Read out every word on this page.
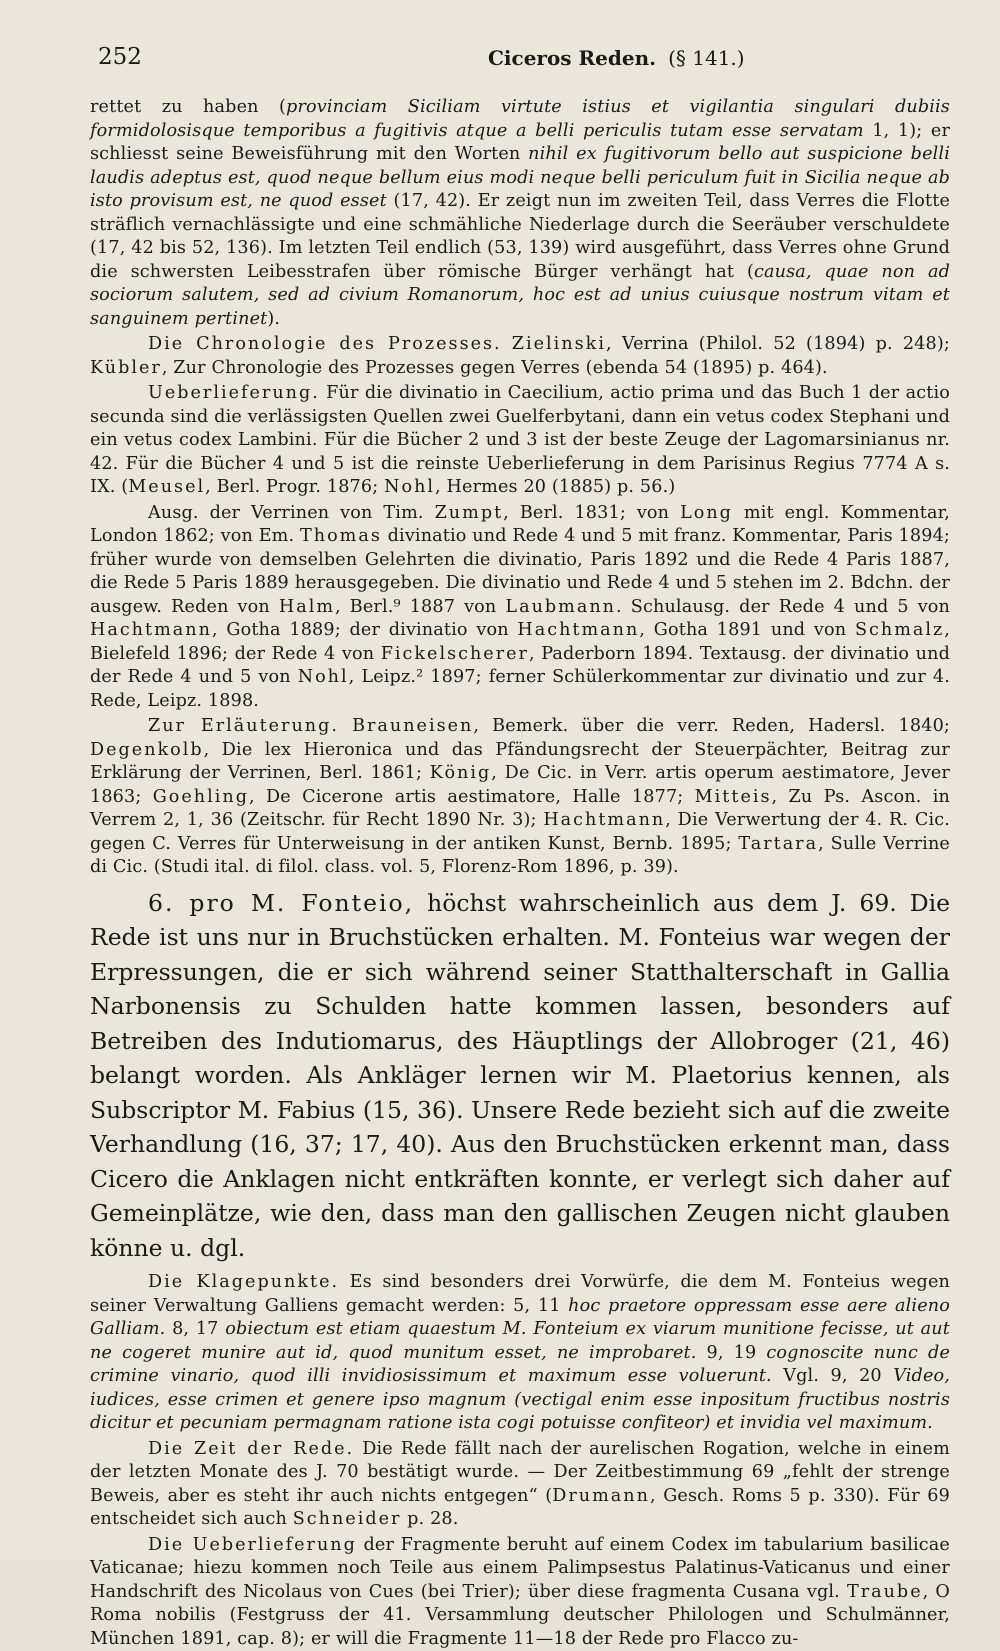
252	Ciceros Reden. (§ 141.)

rettet zu haben (provinciam Siciliam virtute istius et vigilantia singulari dubiis formidolosisque temporibus a fugitivis atque a belli periculis tutam esse servatam 1, 1); er schliesst seine Beweisführung mit den Worten nihil ex fugitivorum bello aut suspicione belli laudis adeptus est, quod neque bellum eius modi neque belli periculum fuit in Sicilia neque ab isto provisum est, ne quod esset (17, 42). Er zeigt nun im zweiten Teil, dass Verres die Flotte sträflich vernachlässigte und eine schmähliche Niederlage durch die Seeräuber verschuldete (17, 42 bis 52, 136). Im letzten Teil endlich (53, 139) wird ausgeführt, dass Verres ohne Grund die schwersten Leibesstrafen über römische Bürger verhängt hat (causa, quae non ad sociorum salutem, sed ad civium Romanorum, hoc est ad unius cuiusque nostrum vitam et sanguinem pertinet).

Die Chronologie des Prozesses. Zielinski, Verrina (Philol. 52 (1894) p. 248); Kübler, Zur Chronologie des Prozesses gegen Verres (ebenda 54 (1895) p. 464).

Ueberlieferung. Für die divinatio in Caecilium, actio prima und das Buch 1 der actio secunda sind die verlässigsten Quellen zwei Guelferbytani, dann ein vetus codex Stephani und ein vetus codex Lambini. Für die Bücher 2 und 3 ist der beste Zeuge der Lagomarsinianus nr. 42. Für die Bücher 4 und 5 ist die reinste Ueberlieferung in dem Parisinus Regius 7774 A s. IX. (Meusel, Berl. Progr. 1876; Nohl, Hermes 20 (1885) p. 56.)

Ausg. der Verrinen von Tim. Zumpt, Berl. 1831; von Long mit engl. Kommentar, London 1862; von Em. Thomas divinatio und Rede 4 und 5 mit franz. Kommentar, Paris 1894; früher wurde von demselben Gelehrten die divinatio, Paris 1892 und die Rede 4 Paris 1887, die Rede 5 Paris 1889 herausgegeben. Die divinatio und Rede 4 und 5 stehen im 2. Bdchn. der ausgew. Reden von Halm, Berl.⁹ 1887 von Laubmann. Schulausg. der Rede 4 und 5 von Hachtmann, Gotha 1889; der divinatio von Hachtmann, Gotha 1891 und von Schmalz, Bielefeld 1896; der Rede 4 von Fickelscherer, Paderborn 1894. Textausg. der divinatio und der Rede 4 und 5 von Nohl, Leipz.² 1897; ferner Schülerkommentar zur divinatio und zur 4. Rede, Leipz. 1898.

Zur Erläuterung. Brauneisen, Bemerk. über die verr. Reden, Hadersl. 1840; Degenkolb, Die lex Hieronica und das Pfändungsrecht der Steuerpächter, Beitrag zur Erklärung der Verrinen, Berl. 1861; König, De Cic. in Verr. artis operum aestimatore, Jever 1863; Goehling, De Cicerone artis aestimatore, Halle 1877; Mitteis, Zu Ps. Ascon. in Verrem 2, 1, 36 (Zeitschr. für Recht 1890 Nr. 3); Hachtmann, Die Verwertung der 4. R. Cic. gegen C. Verres für Unterweisung in der antiken Kunst, Bernb. 1895; Tartara, Sulle Verrine di Cic. (Studi ital. di filol. class. vol. 5, Florenz-Rom 1896, p. 39).

6. pro M. Fonteio, höchst wahrscheinlich aus dem J. 69. Die Rede ist uns nur in Bruchstücken erhalten. M. Fonteius war wegen der Erpressungen, die er sich während seiner Statthalterschaft in Gallia Narbonensis zu Schulden hatte kommen lassen, besonders auf Betreiben des Indutiomarus, des Häuptlings der Allobroger (21, 46) belangt worden. Als Ankläger lernen wir M. Plaetorius kennen, als Subscriptor M. Fabius (15, 36). Unsere Rede bezieht sich auf die zweite Verhandlung (16, 37; 17, 40). Aus den Bruchstücken erkennt man, dass Cicero die Anklagen nicht entkräften konnte, er verlegt sich daher auf Gemeinplätze, wie den, dass man den gallischen Zeugen nicht glauben könne u. dgl.

Die Klagepunkte. Es sind besonders drei Vorwürfe, die dem M. Fonteius wegen seiner Verwaltung Galliens gemacht werden: 5, 11 hoc praetore oppressam esse aere alieno Galliam. 8, 17 obiectum est etiam quaestum M. Fonteium ex viarum munitione fecisse, ut aut ne cogeret munire aut id, quod munitum esset, ne improbaret. 9, 19 cognoscite nunc de crimine vinario, quod illi invidiosissimum et maximum esse voluerunt. Vgl. 9, 20 Video, iudices, esse crimen et genere ipso magnum (vectigal enim esse inpositum fructibus nostris dicitur et pecuniam permagnam ratione ista cogi potuisse confiteor) et invidia vel maximum.

Die Zeit der Rede. Die Rede fällt nach der aurelischen Rogation, welche in einem der letzten Monate des J. 70 bestätigt wurde. — Der Zeitbestimmung 69 „fehlt der strenge Beweis, aber es steht ihr auch nichts entgegen“ (Drumann, Gesch. Roms 5 p. 330). Für 69 entscheidet sich auch Schneider p. 28.

Die Ueberlieferung der Fragmente beruht auf einem Codex im tabularium basilicae Vaticanae; hiezu kommen noch Teile aus einem Palimpsestus Palatinus-Vaticanus und einer Handschrift des Nicolaus von Cues (bei Trier); über diese fragmenta Cusana vgl. Traube, O Roma nobilis (Festgruss der 41. Versammlung deutscher Philologen und Schulmänner, München 1891, cap. 8); er will die Fragmente 11—18 der Rede pro Flacco zu-
